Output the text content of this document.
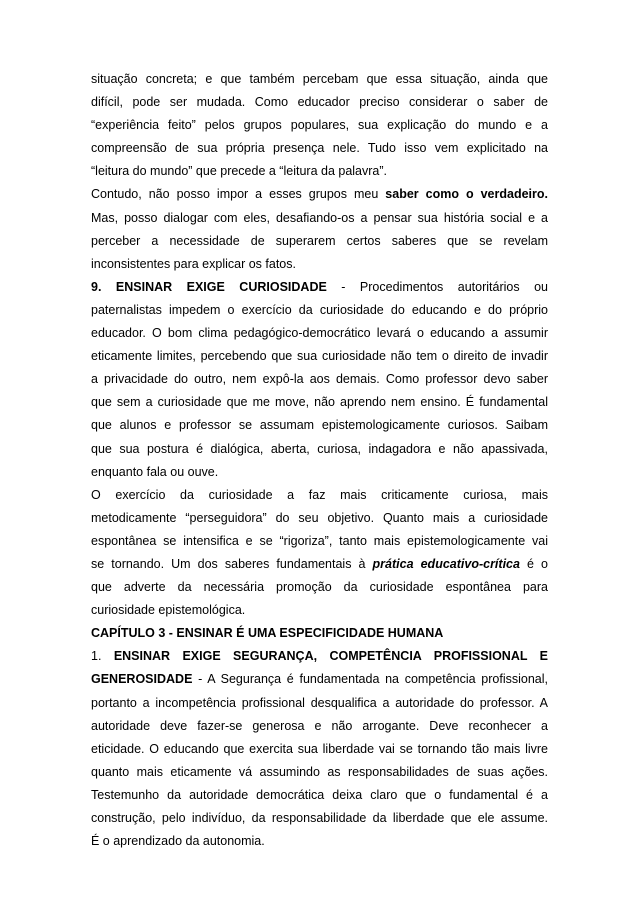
situação concreta; e que também percebam que essa situação, ainda que
difícil, pode ser mudada. Como educador preciso considerar o saber de
“experiência feito” pelos grupos populares, sua explicação do mundo e a
compreensão de sua própria presença nele. Tudo isso vem explicitado na
“leitura do mundo” que precede a “leitura da palavra”.
Contudo, não posso impor a esses grupos meu saber como o verdadeiro.
Mas, posso dialogar com eles, desafiando-os a pensar sua história social e a
perceber a necessidade de superarem certos saberes que se revelam
inconsistentes para explicar os fatos.
9. ENSINAR EXIGE CURIOSIDADE - Procedimentos autoritários ou
paternalistas impedem o exercício da curiosidade do educando e do próprio
educador. O bom clima pedagógico-democrático levará o educando a assumir
eticamente limites, percebendo que sua curiosidade não tem o direito de invadir
a privacidade do outro, nem expô-la aos demais. Como professor devo saber
que sem a curiosidade que me move, não aprendo nem ensino. É fundamental
que alunos e professor se assumam epistemologicamente curiosos. Saibam
que sua postura é dialógica, aberta, curiosa, indagadora e não apassivada,
enquanto fala ou ouve.
O exercício da curiosidade a faz mais criticamente curiosa, mais
metodicamente “perseguidora” do seu objetivo. Quanto mais a curiosidade
espontânea se intensifica e se “rigoriza”, tanto mais epistemologicamente vai
se tornando. Um dos saberes fundamentais à prática educativo-crítica é o
que adverte da necessária promoção da curiosidade espontânea para
curiosidade epistemológica.
CAPÍTULO 3 - ENSINAR É UMA ESPECIFICIDADE HUMANA
1. ENSINAR EXIGE SEGURANÇA, COMPETÊNCIA PROFISSIONAL E
GENEROSIDADE - A Segurança é fundamentada na competência profissional,
portanto a incompetência profissional desqualifica a autoridade do professor. A
autoridade deve fazer-se generosa e não arrogante. Deve reconhecer a
eticidade. O educando que exercita sua liberdade vai se tornando tão mais livre
quanto mais eticamente vá assumindo as responsabilidades de suas ações.
Testemunho da autoridade democrática deixa claro que o fundamental é a
construção, pelo indivíduo, da responsabilidade da liberdade que ele assume.
É o aprendizado da autonomia.
